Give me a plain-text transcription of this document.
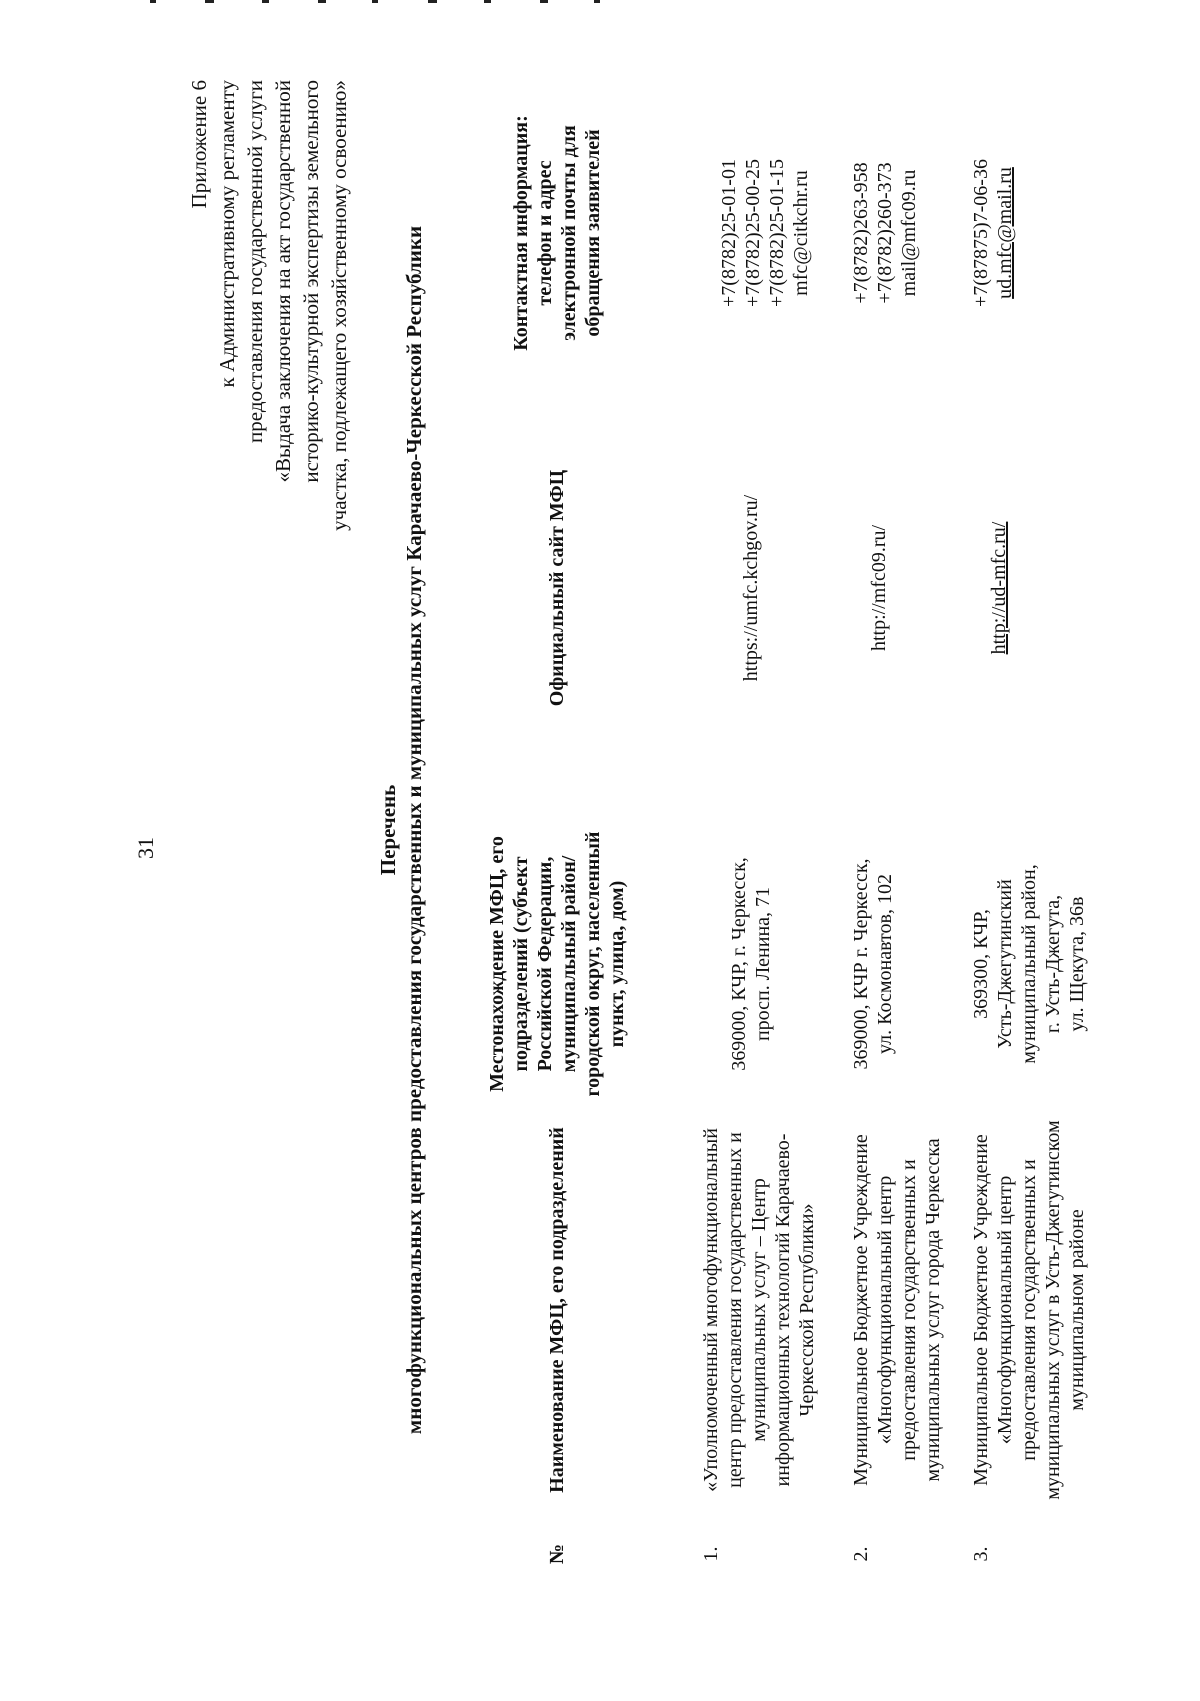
31
Приложение 6 к Административному регламенту предоставления государственной услуги «Выдача заключения на акт государственной историко-культурной экспертизы земельного участка, подлежащего хозяйственному освоению»
Перечень многофункциональных центров предоставления государственных и муниципальных услуг Карачаево-Черкесской Республики
№	Наименование МФЦ, его подразделений	Местонахождение МФЦ, его подразделений (субъект Российской Федерации, муниципальный район/городской округ, населенный пункт, улица, дом)	Официальный сайт МФЦ	Контактная информация: телефон и адрес электронной почты для обращения заявителей
1.	«Уполномоченный многофункциональный центр предоставления государственных и муниципальных услуг – Центр информационных технологий Карачаево-Черкесской Республики»	369000, КЧР, г. Черкесск, просп. Ленина, 71	https://umfc.kchgov.ru/	+7(8782)25-01-01 +7(8782)25-00-25 +7(8782)25-01-15 mfc@citkchr.ru

2.	Муниципальное Бюджетное Учреждение «Многофункциональный центр предоставления государственных и муниципальных услуг города Черкесска	369000, КЧР г. Черкесск, ул. Космонавтов, 102	http://mfc09.ru/	+7(8782)263-958 +7(8782)260-373 mail@mfc09.ru

3.	Муниципальное Бюджетное Учреждение «Многофункциональный центр предоставления государственных и муниципальных услуг в Усть-Джегутинском муниципальном районе	369300, КЧР, Усть-Джегутинский муниципальный район, г. Усть-Джегута, ул. Щекута, 36в	http://ud-mfc.ru/	+7(87875)7-06-36 ud.mfc@mail.ru
